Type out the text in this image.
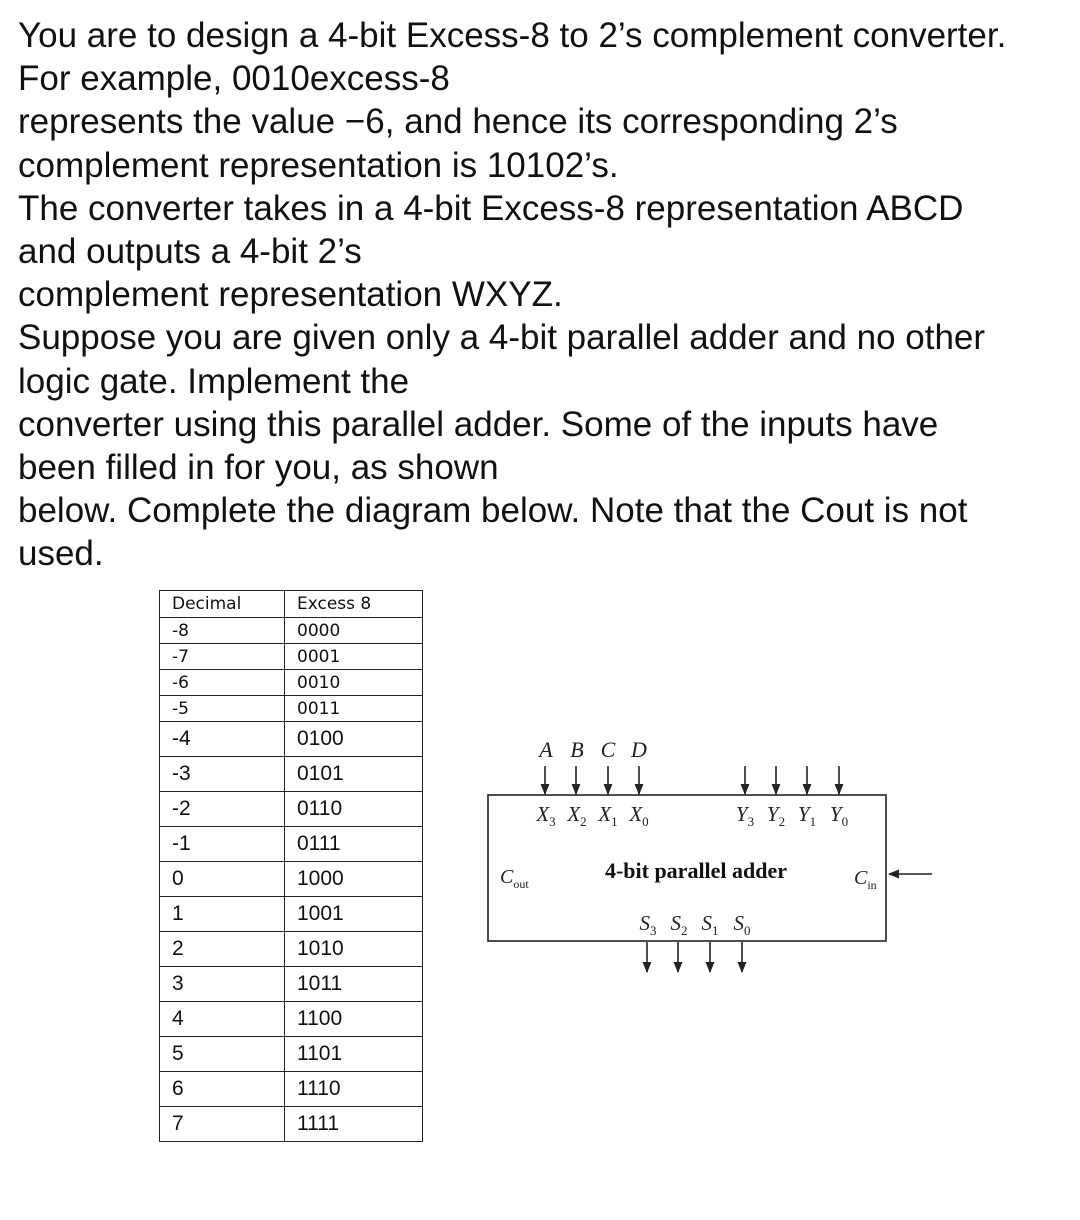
You are to design a 4-bit Excess-8 to 2’s complement converter.
For example, 0010excess-8
represents the value −6, and hence its corresponding 2’s
complement representation is 10102’s.
The converter takes in a 4-bit Excess-8 representation ABCD
and outputs a 4-bit 2’s
complement representation WXYZ.
Suppose you are given only a 4-bit parallel adder and no other
logic gate. Implement the
converter using this parallel adder. Some of the inputs have
been filled in for you, as shown
below. Complete the diagram below. Note that the Cout is not
used.
Decimal	Excess 8
-8	0000
-7	0001
-6	0010
-5	0011
-4	0100
-3	0101
-2	0110
-1	0111
0	1000
1	1001
2	1010
3	1011
4	1100
5	1101
6	1110
7	1111
A B C D
$X_3$ $X_2$ $X_1$ $X_0$	$Y_3$ $Y_2$ $Y_1$ $Y_0$
$C_{out}$
4-bit parallel adder	$C_{in}$
$S_3$ $S_2$ $S_1$ $S_0$
